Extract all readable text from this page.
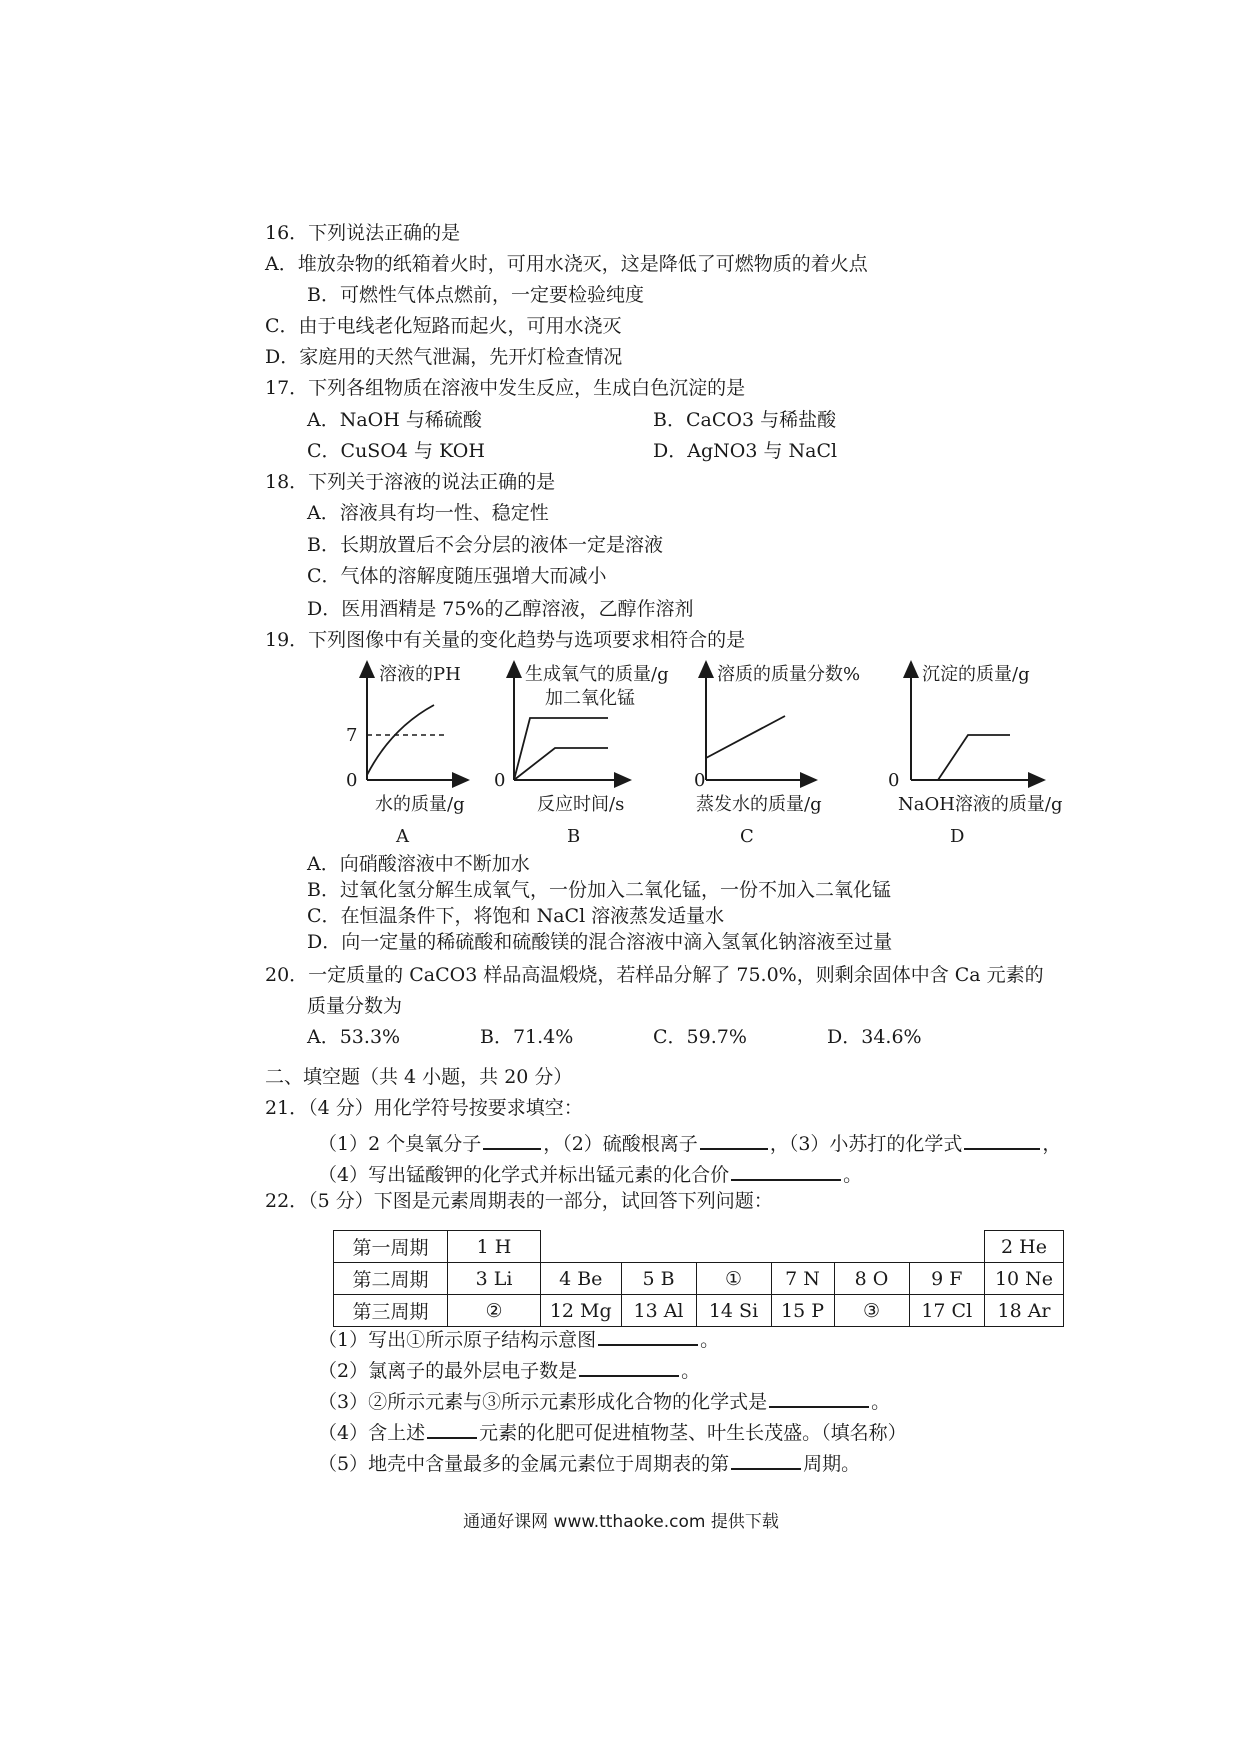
16．下列说法正确的是
A．堆放杂物的纸箱着火时，可用水浇灭，这是降低了可燃物质的着火点
B．可燃性气体点燃前，一定要检验纯度
C．由于电线老化短路而起火，可用水浇灭
D．家庭用的天然气泄漏，先开灯检查情况
17．下列各组物质在溶液中发生反应，生成白色沉淀的是
A．NaOH 与稀硫酸	B．CaCO3 与稀盐酸
C．CuSO4 与 KOH	D．AgNO3 与 NaCl
18．下列关于溶液的说法正确的是
A．溶液具有均一性、稳定性
B．长期放置后不会分层的液体一定是溶液
C．气体的溶解度随压强增大而减小
D．医用酒精是 75%的乙醇溶液，乙醇作溶剂
19．下列图像中有关量的变化趋势与选项要求相符合的是
溶液的PH
0
7
水的质量/g
A
生成氧气的质量/g
加二氧化锰
0
反应时间/s
B
溶质的质量分数%
0
蒸发水的质量/g
C
沉淀的质量/g
0
NaOH溶液的质量/g
D
A．向硝酸溶液中不断加水
B．过氧化氢分解生成氧气，一份加入二氧化锰，一份不加入二氧化锰
C．在恒温条件下，将饱和 NaCl 溶液蒸发适量水
D．向一定量的稀硫酸和硫酸镁的混合溶液中滴入氢氧化钠溶液至过量
20．一定质量的 CaCO3 样品高温煅烧，若样品分解了 75.0%，则剩余固体中含 Ca 元素的
质量分数为
A．53.3%	B．71.4%	C．59.7%	D．34.6%
二、填空题（共 4 小题，共 20 分）
21．（4 分）用化学符号按要求填空：
（1）2 个臭氧分子	，（2）硫酸根离子	，（3）小苏打的化学式	，
（4）写出锰酸钾的化学式并标出锰元素的化合价	。
22．（5 分）下图是元素周期表的一部分，试回答下列问题：
第一周期	1 H							2 He
第二周期	3 Li	4 Be	5 B	①	7 N	8 O	9 F	10 Ne
第三周期	②	12 Mg	13 Al	14 Si	15 P	③	17 Cl	18 Ar
（1）写出①所示原子结构示意图	。
（2）氯离子的最外层电子数是	。
（3）②所示元素与③所示元素形成化合物的化学式是	。
（4）含上述	元素的化肥可促进植物茎、叶生长茂盛。（填名称）
（5）地壳中含量最多的金属元素位于周期表的第	周期。
通通好课网 www.tthaoke.com 提供下载
